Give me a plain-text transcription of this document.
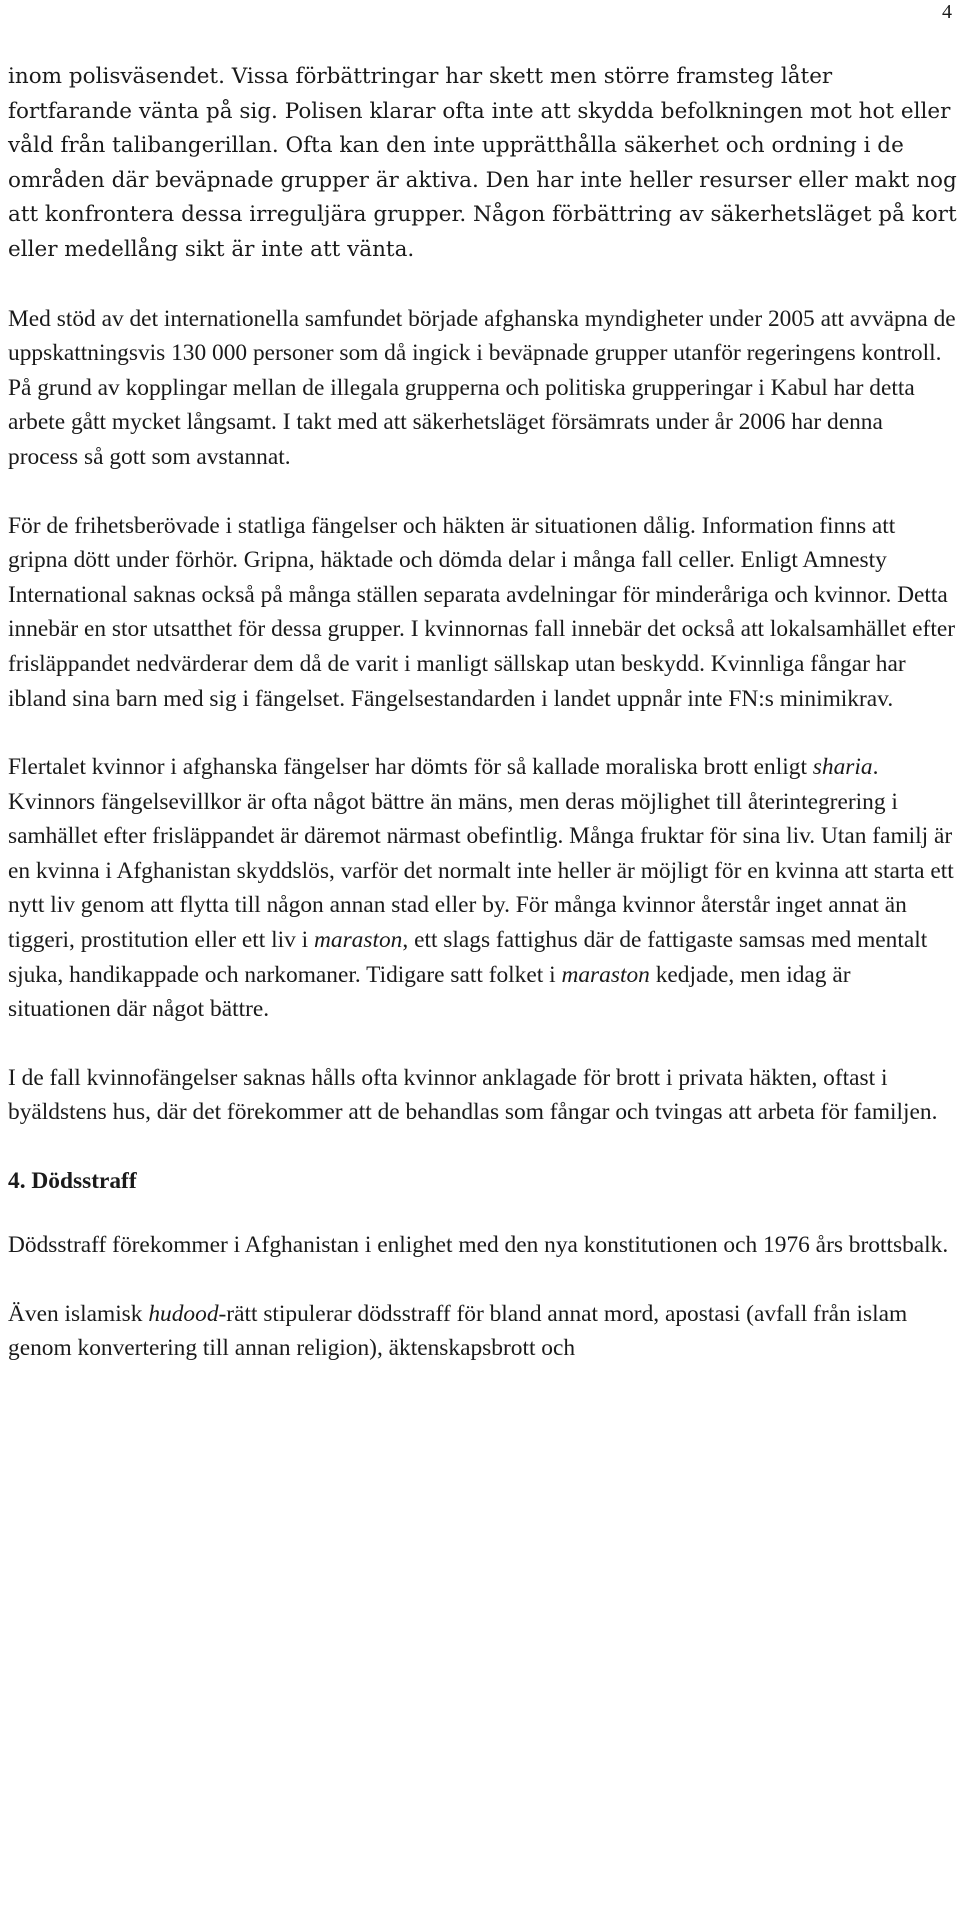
4

inom polisväsendet. Vissa förbättringar har skett men större framsteg låter fortfarande vänta på sig. Polisen klarar ofta inte att skydda befolkningen mot hot eller våld från talibangerillan. Ofta kan den inte upprätthålla säkerhet och ordning i de områden där beväpnade grupper är aktiva. Den har inte heller resurser eller makt nog att konfrontera dessa irreguljära grupper. Någon förbättring av säkerhetsläget på kort eller medellång sikt är inte att vänta.

Med stöd av det internationella samfundet började afghanska myndigheter under 2005 att avväpna de uppskattningsvis 130 000 personer som då ingick i beväpnade grupper utanför regeringens kontroll. På grund av kopplingar mellan de illegala grupperna och politiska grupperingar i Kabul har detta arbete gått mycket långsamt. I takt med att säkerhetsläget försämrats under år 2006 har denna process så gott som avstannat.

För de frihetsberövade i statliga fängelser och häkten är situationen dålig. Information finns att gripna dött under förhör. Gripna, häktade och dömda delar i många fall celler. Enligt Amnesty International saknas också på många ställen separata avdelningar för minderåriga och kvinnor. Detta innebär en stor utsatthet för dessa grupper. I kvinnornas fall innebär det också att lokalsamhället efter frisläppandet nedvärderar dem då de varit i manligt sällskap utan beskydd. Kvinnliga fångar har ibland sina barn med sig i fängelset. Fängelsestandarden i landet uppnår inte FN:s minimikrav.

Flertalet kvinnor i afghanska fängelser har dömts för så kallade moraliska brott enligt sharia. Kvinnors fängelsevillkor är ofta något bättre än mäns, men deras möjlighet till återintegrering i samhället efter frisläppandet är däremot närmast obefintlig. Många fruktar för sina liv. Utan familj är en kvinna i Afghanistan skyddslös, varför det normalt inte heller är möjligt för en kvinna att starta ett nytt liv genom att flytta till någon annan stad eller by. För många kvinnor återstår inget annat än tiggeri, prostitution eller ett liv i maraston, ett slags fattighus där de fattigaste samsas med mentalt sjuka, handikappade och narkomaner. Tidigare satt folket i maraston kedjade, men idag är situationen där något bättre.

I de fall kvinnofängelser saknas hålls ofta kvinnor anklagade för brott i privata häkten, oftast i byäldstens hus, där det förekommer att de behandlas som fångar och tvingas att arbeta för familjen.

4. Dödsstraff

Dödsstraff förekommer i Afghanistan i enlighet med den nya konstitutionen och 1976 års brottsbalk.

Även islamisk hudood-rätt stipulerar dödsstraff för bland annat mord, apostasi (avfall från islam genom konvertering till annan religion), äktenskapsbrott och
